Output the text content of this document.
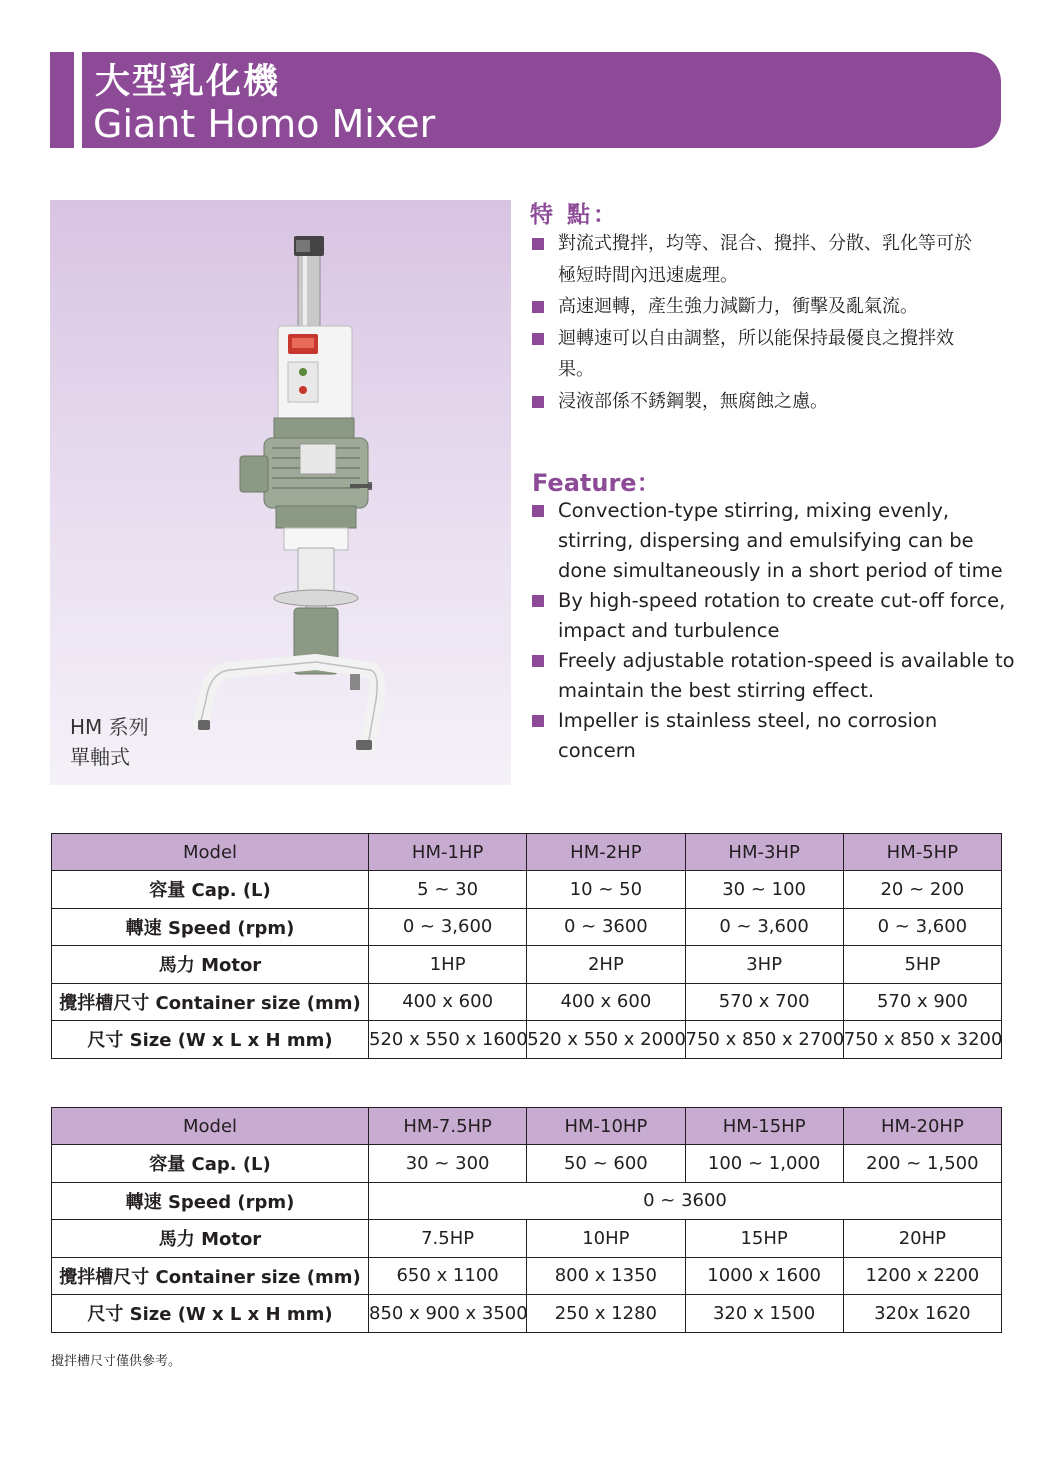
大型乳化機
Giant Homo Mixer
HM 系列
單軸式
特 點：
對流式攪拌，均等、混合、攪拌、分散、乳化等可於極短時間內迅速處理。
高速迴轉，產生強力減斷力，衝擊及亂氣流。
迴轉速可以自由調整，所以能保持最優良之攪拌效果。
浸液部係不銹鋼製，無腐蝕之慮。
Feature：
Convection-type stirring, mixing evenly, stirring, dispersing and emulsifying can be done simultaneously in a short period of time
By high-speed rotation to create cut-off force, impact and turbulence
Freely adjustable rotation-speed is available to maintain the best stirring effect.
Impeller is stainless steel, no corrosion concern
Model	HM-1HP	HM-2HP	HM-3HP	HM-5HP
容量 Cap. (L)	5 ~ 30	10 ~ 50	30 ~ 100	20 ~ 200
轉速 Speed (rpm)	0 ~ 3,600	0 ~ 3600	0 ~ 3,600	0 ~ 3,600
馬力 Motor	1HP	2HP	3HP	5HP
攪拌槽尺寸 Container size (mm)	400 x 600	400 x 600	570 x 700	570 x 900
尺寸 Size (W x L x H mm)	520 x 550 x 1600	520 x 550 x 2000	750 x 850 x 2700	750 x 850 x 3200
Model	HM-7.5HP	HM-10HP	HM-15HP	HM-20HP
容量 Cap. (L)	30 ~ 300	50 ~ 600	100 ~ 1,000	200 ~ 1,500
轉速 Speed (rpm)	0 ~ 3600			
馬力 Motor	7.5HP	10HP	15HP	20HP
攪拌槽尺寸 Container size (mm)	650 x 1100	800 x 1350	1000 x 1600	1200 x 2200
尺寸 Size (W x L x H mm)	850 x 900 x 3500	250 x 1280	320 x 1500	320x 1620
攪拌槽尺寸僅供參考。
